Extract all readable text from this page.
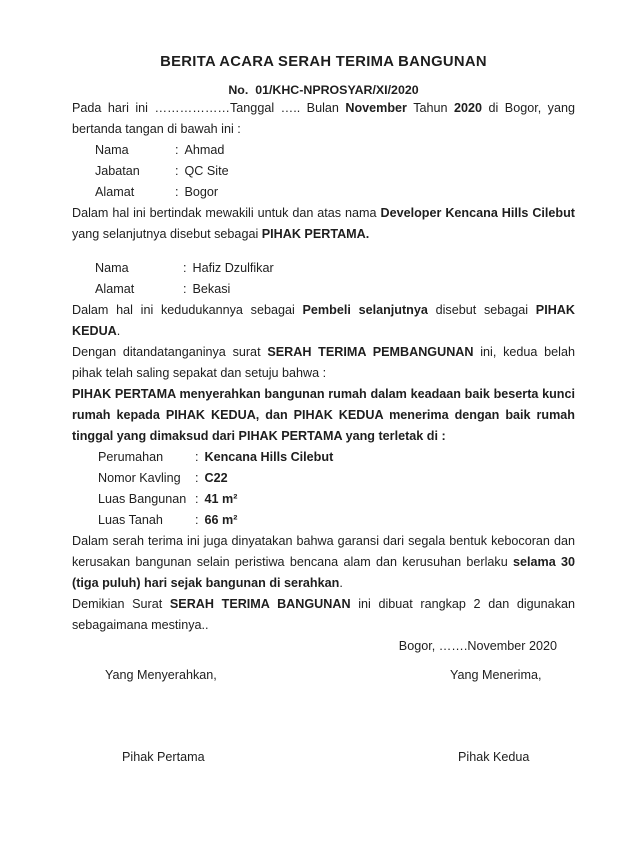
BERITA ACARA SERAH TERIMA BANGUNAN
No.  01/KHC-NPROSYAR/XI/2020

Pada hari ini ………………Tanggal ….. Bulan November Tahun 2020 di Bogor, yang bertanda tangan di bawah ini :

Nama	: Ahmad
Jabatan	: QC Site
Alamat	: Bogor

Dalam hal ini bertindak mewakili untuk dan atas nama Developer Kencana Hills Cilebut yang selanjutnya disebut sebagai PIHAK PERTAMA.

Nama	: Hafiz Dzulfikar
Alamat	: Bekasi

Dalam hal ini kedudukannya sebagai Pembeli selanjutnya disebut sebagai PIHAK KEDUA.

Dengan ditandatanganinya surat SERAH TERIMA PEMBANGUNAN ini, kedua belah pihak telah saling sepakat dan setuju bahwa :

PIHAK PERTAMA menyerahkan bangunan rumah dalam keadaan baik beserta kunci rumah kepada PIHAK KEDUA, dan PIHAK KEDUA menerima dengan baik rumah tinggal yang dimaksud dari PIHAK PERTAMA yang terletak di :

Perumahan	: Kencana Hills Cilebut
Nomor Kavling	: C22
Luas Bangunan : 41 m²
Luas Tanah	: 66 m²

Dalam serah terima ini juga dinyatakan bahwa garansi dari segala bentuk kebocoran dan kerusakan bangunan selain peristiwa bencana alam dan kerusuhan berlaku selama 30 (tiga puluh) hari sejak bangunan di serahkan.

Demikian Surat SERAH TERIMA BANGUNAN ini dibuat rangkap 2 dan digunakan sebagaimana mestinya..

Bogor, …….November 2020

Yang Menyerahkan,	Yang Menerima,
Pihak Pertama	Pihak Kedua
